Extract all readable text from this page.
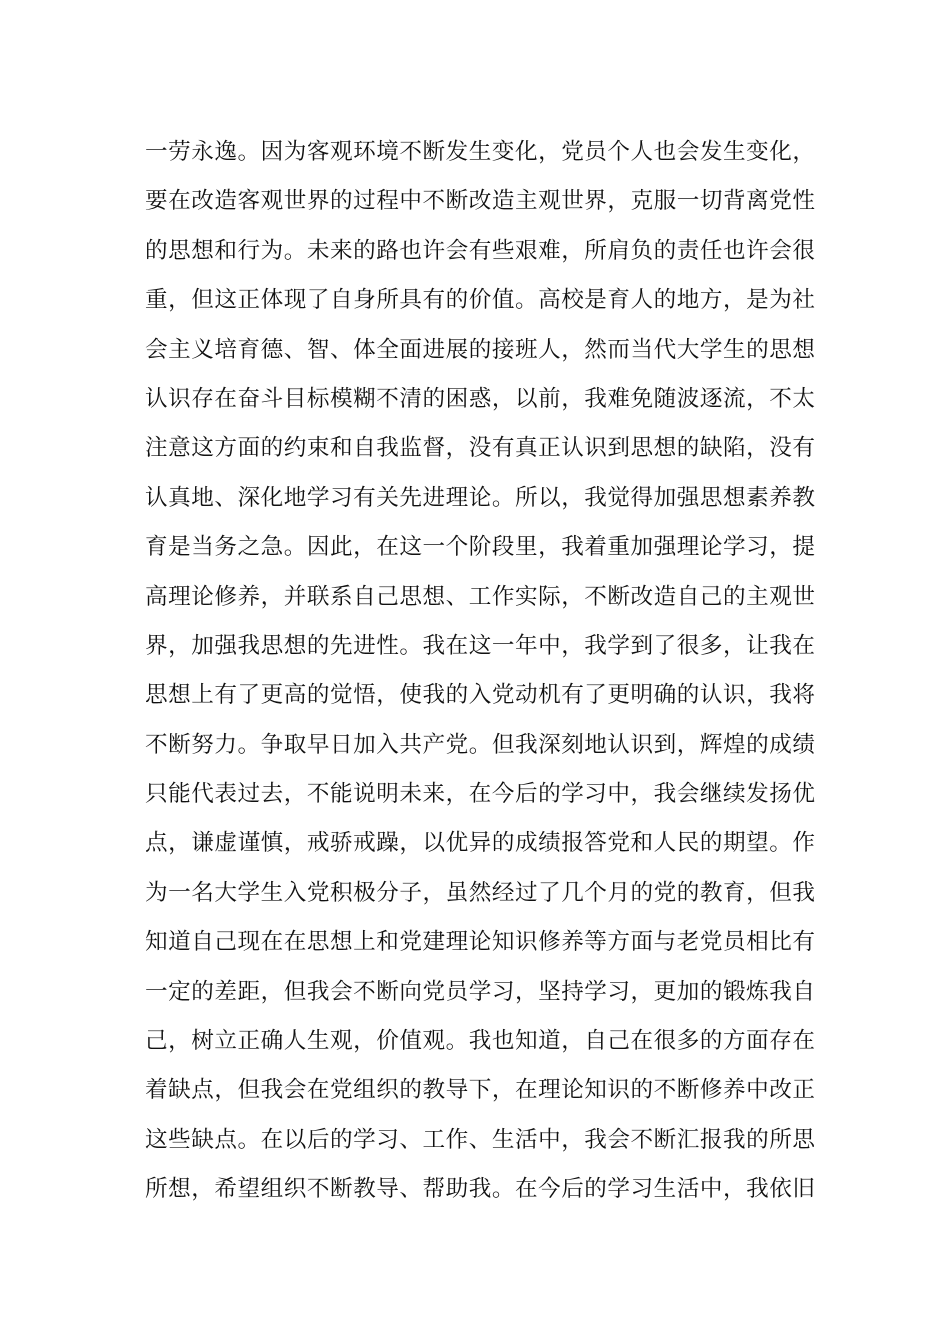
一劳永逸。因为客观环境不断发生变化，党员个人也会发生变化，
要在改造客观世界的过程中不断改造主观世界，克服一切背离党性
的思想和行为。未来的路也许会有些艰难，所肩负的责任也许会很
重，但这正体现了自身所具有的价值。高校是育人的地方，是为社
会主义培育德、智、体全面进展的接班人，然而当代大学生的思想
认识存在奋斗目标模糊不清的困惑，以前，我难免随波逐流，不太
注意这方面的约束和自我监督，没有真正认识到思想的缺陷，没有
认真地、深化地学习有关先进理论。所以，我觉得加强思想素养教
育是当务之急。因此，在这一个阶段里，我着重加强理论学习，提
高理论修养，并联系自己思想、工作实际，不断改造自己的主观世
界，加强我思想的先进性。我在这一年中，我学到了很多，让我在
思想上有了更高的觉悟，使我的入党动机有了更明确的认识，我将
不断努力。争取早日加入共产党。但我深刻地认识到，辉煌的成绩
只能代表过去，不能说明未来，在今后的学习中，我会继续发扬优
点，谦虚谨慎，戒骄戒躁，以优异的成绩报答党和人民的期望。作
为一名大学生入党积极分子，虽然经过了几个月的党的教育，但我
知道自己现在在思想上和党建理论知识修养等方面与老党员相比有
一定的差距，但我会不断向党员学习，坚持学习，更加的锻炼我自
己，树立正确人生观，价值观。我也知道，自己在很多的方面存在
着缺点，但我会在党组织的教导下，在理论知识的不断修养中改正
这些缺点。在以后的学习、工作、生活中，我会不断汇报我的所思
所想，希望组织不断教导、帮助我。在今后的学习生活中，我依旧
